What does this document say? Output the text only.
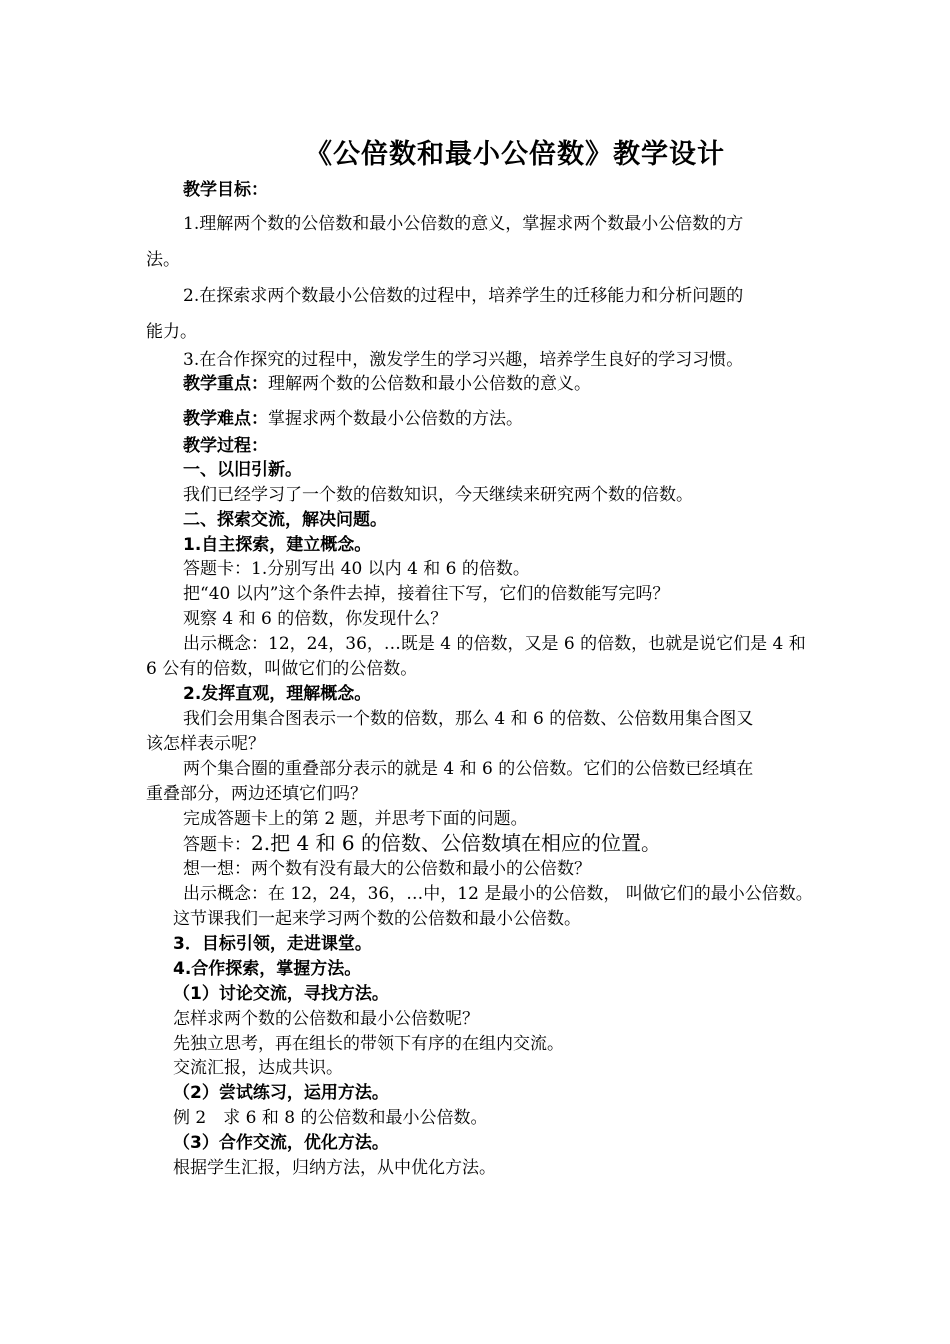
《公倍数和最小公倍数》教学设计
教学目标：
1.理解两个数的公倍数和最小公倍数的意义，掌握求两个数最小公倍数的方
法。
2.在探索求两个数最小公倍数的过程中，培养学生的迁移能力和分析问题的
能力。
3.在合作探究的过程中，激发学生的学习兴趣，培养学生良好的学习习惯。
教学重点：理解两个数的公倍数和最小公倍数的意义。
教学难点：掌握求两个数最小公倍数的方法。
教学过程：
一、以旧引新。
我们已经学习了一个数的倍数知识，今天继续来研究两个数的倍数。
二、探索交流，解决问题。
1.自主探索，建立概念。
答题卡：1.分别写出 40 以内 4 和 6 的倍数。
把“40 以内”这个条件去掉，接着往下写，它们的倍数能写完吗？
观察 4 和 6 的倍数，你发现什么？
出示概念：12，24，36，…既是 4 的倍数，又是 6 的倍数，也就是说它们是 4 和
6 公有的倍数，叫做它们的公倍数。
2.发挥直观，理解概念。
我们会用集合图表示一个数的倍数，那么 4 和 6 的倍数、公倍数用集合图又
该怎样表示呢？
两个集合圈的重叠部分表示的就是 4 和 6 的公倍数。它们的公倍数已经填在
重叠部分，两边还填它们吗？
完成答题卡上的第 2 题，并思考下面的问题。
答题卡：2.把 4 和 6 的倍数、公倍数填在相应的位置。
想一想：两个数有没有最大的公倍数和最小的公倍数？
出示概念：在 12，24，36，…中，12 是最小的公倍数， 叫做它们的最小公倍数。
这节课我们一起来学习两个数的公倍数和最小公倍数。
3．目标引领，走进课堂。
4.合作探索，掌握方法。
（1）讨论交流，寻找方法。
怎样求两个数的公倍数和最小公倍数呢？
先独立思考，再在组长的带领下有序的在组内交流。
交流汇报，达成共识。
（2）尝试练习，运用方法。
例 2　求 6 和 8 的公倍数和最小公倍数。
（3）合作交流，优化方法。
根据学生汇报，归纳方法，从中优化方法。
